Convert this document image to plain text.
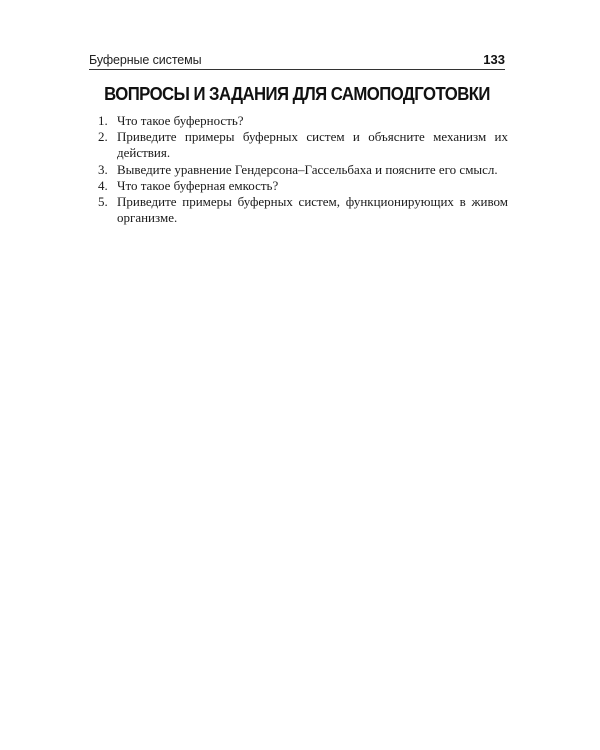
Буферные системы	133
ВОПРОСЫ И ЗАДАНИЯ ДЛЯ САМОПОДГОТОВКИ
1. Что такое буферность?
2. Приведите примеры буферных систем и объясните механизм их действия.
3. Выведите уравнение Гендерсона–Гассельбаха и поясните его смысл.
4. Что такое буферная емкость?
5. Приведите примеры буферных систем, функционирующих в живом организме.
